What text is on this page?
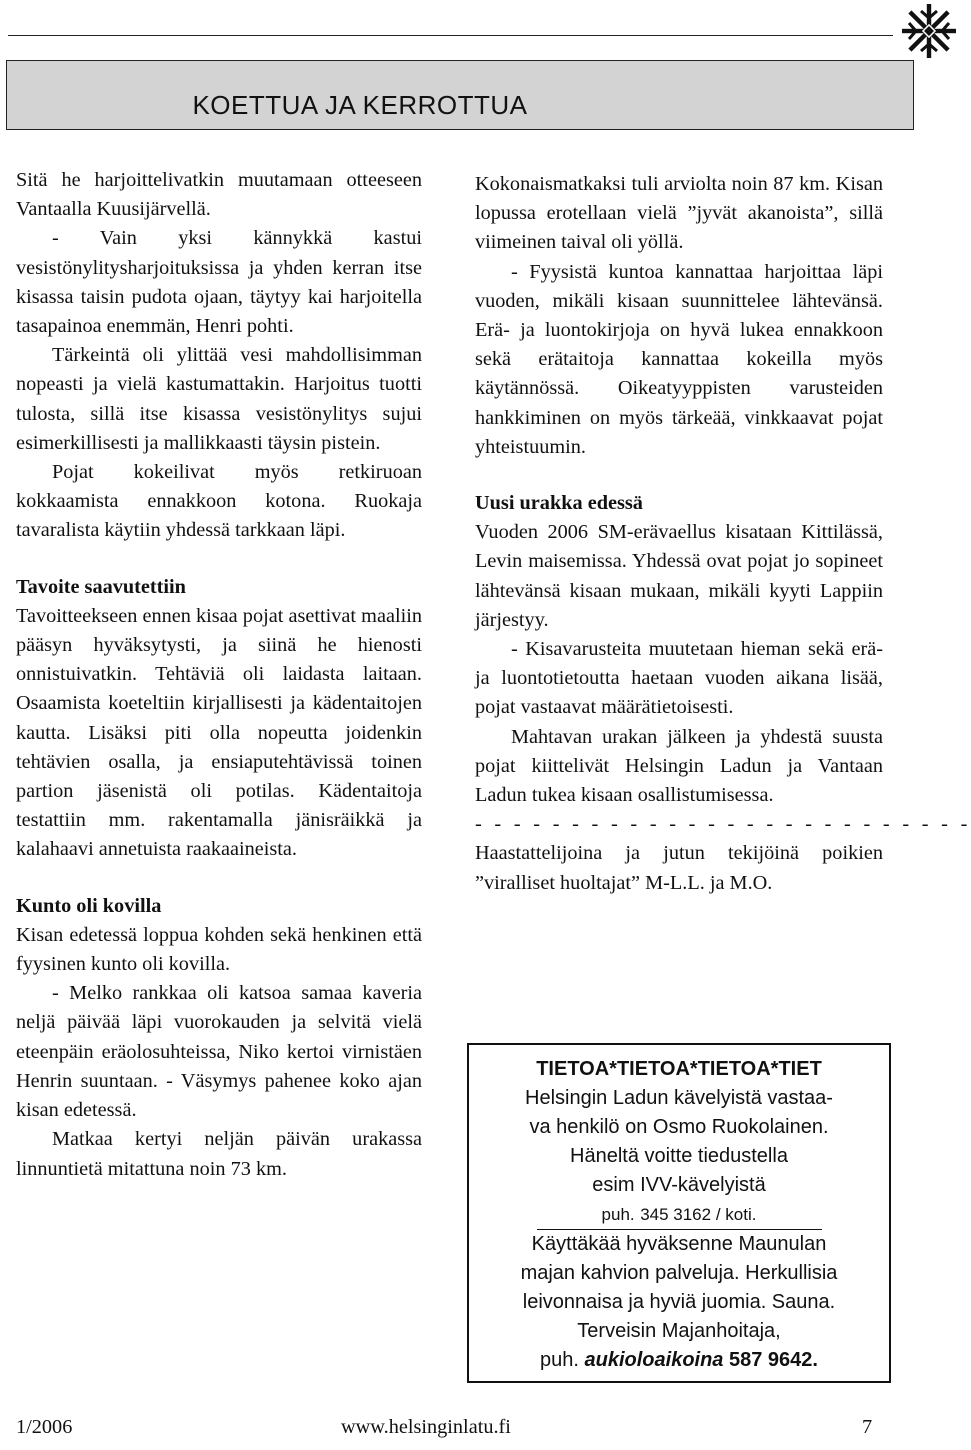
KOETTUA JA KERROTTUA

Sitä he harjoittelivatkin muutamaan otteeseen Vantaalla Kuusijärvellä.

- Vain yksi kännykkä kastui vesistönylitysharjoituksissa ja yhden kerran itse kisassa taisin pudota ojaan, täytyy kai harjoitella tasapainoa enemmän, Henri pohti.

Tärkeintä oli ylittää vesi mahdollisimman nopeasti ja vielä kastumattakin. Harjoitus tuotti tulosta, sillä itse kisassa vesistönylitys sujui esimerkillisesti ja mallikkaasti täysin pistein.

Pojat kokeilivat myös retkiruoan kokkaamista ennakkoon kotona. Ruokaja tavaralista käytiin yhdessä tarkkaan läpi.

Tavoite saavutettiin

Tavoitteekseen ennen kisaa pojat asettivat maaliin pääsyn hyväksytysti, ja siinä he hienosti onnistuivatkin. Tehtäviä oli laidasta laitaan. Osaamista koeteltiin kirjallisesti ja kädentaitojen kautta. Lisäksi piti olla nopeutta joidenkin tehtävien osalla, ja ensiaputehtävissä toinen partion jäsenistä oli potilas. Kädentaitoja testattiin mm. rakentamalla jänisräikkä ja kalahaavi annetuista raakaaineista.

Kunto oli kovilla

Kisan edetessä loppua kohden sekä henkinen että fyysinen kunto oli kovilla.

- Melko rankkaa oli katsoa samaa kaveria neljä päivää läpi vuorokauden ja selvitä vielä eteenpäin eräolosuhteissa, Niko kertoi virnistäen Henrin suuntaan. - Väsymys pahenee koko ajan kisan edetessä.

Matkaa kertyi neljän päivän urakassa linnuntietä mitattuna noin 73 km.

Kokonaismatkaksi tuli arviolta noin 87 km. Kisan lopussa erotellaan vielä ”jyvät akanoista”, sillä viimeinen taival oli yöllä.

- Fyysistä kuntoa kannattaa harjoittaa läpi vuoden, mikäli kisaan suunnittelee lähtevänsä. Erä- ja luontokirjoja on hyvä lukea ennakkoon sekä erätaitoja kannattaa kokeilla myös käytännössä. Oikeatyyppisten varusteiden hankkiminen on myös tärkeää, vinkkaavat pojat yhteistuumin.

Uusi urakka edessä

Vuoden 2006 SM-erävaellus kisataan Kittilässä, Levin maisemissa. Yhdessä ovat pojat jo sopineet lähtevänsä kisaan mukaan, mikäli kyyti Lappiin järjestyy.

- Kisavarusteita muutetaan hieman sekä erä- ja luontotietoutta haetaan vuoden aikana lisää, pojat vastaavat määrätietoisesti.

Mahtavan urakan jälkeen ja yhdestä suusta pojat kiittelivät Helsingin Ladun ja Vantaan Ladun tukea kisaan osallistumisessa.

- - - - - - - - - - - - - - - - - - - - - - - - - -

Haastattelijoina ja jutun tekijöinä poikien ”viralliset huoltajat” M-L.L. ja M.O.

TIETOA*TIETOA*TIETOA*TIET
Helsingin Ladun kävelyistä vastaa-
va henkilö on Osmo Ruokolainen.
Häneltä voitte tiedustella
esim IVV-kävelyistä
puh. 345 3162 / koti.
Käyttäkää hyväksenne Maunulan
majan kahvion palveluja. Herkullisia
leivonnaisa ja hyviä juomia. Sauna.
Terveisin Majanhoitaja,
puh. aukioloaikoina 587 9642.
1/2006	www.helsinginlatu.fi	7
